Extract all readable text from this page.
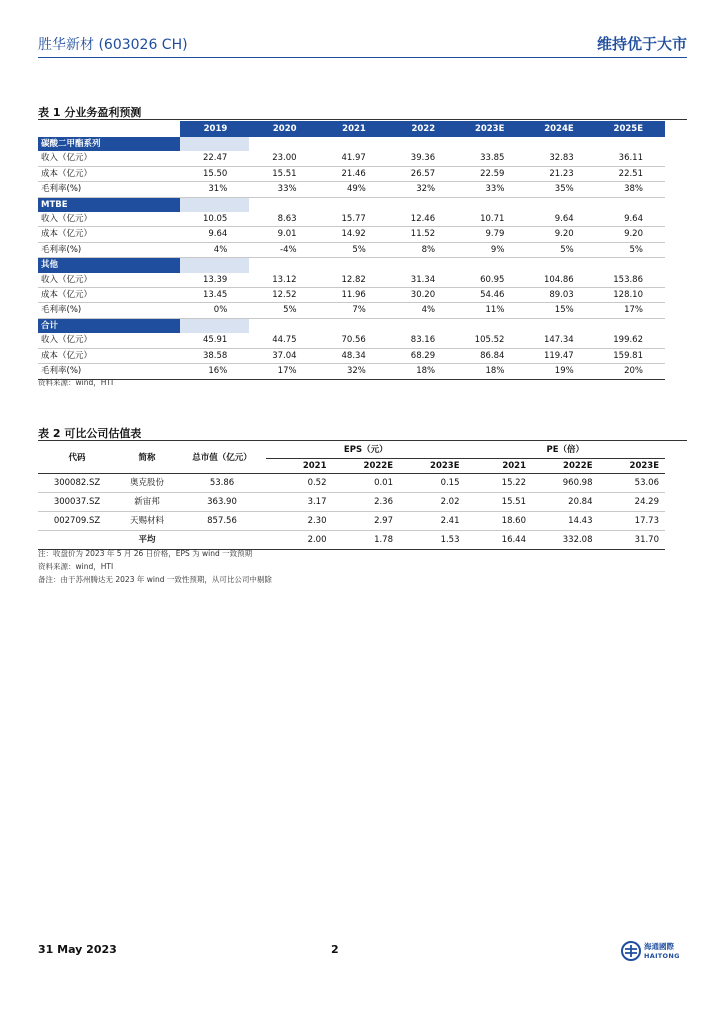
胜华新材 (603026 CH)	维持优于大市
表 1 分业务盈利预测
	2019	2020	2021	2022	2023E	2024E	2025E
碳酸二甲酯系列							
收入（亿元）	22.47	23.00	41.97	39.36	33.85	32.83	36.11
成本（亿元）	15.50	15.51	21.46	26.57	22.59	21.23	22.51
毛利率(%)	31%	33%	49%	32%	33%	35%	38%
MTBE							
收入（亿元）	10.05	8.63	15.77	12.46	10.71	9.64	9.64
成本（亿元）	9.64	9.01	14.92	11.52	9.79	9.20	9.20
毛利率(%)	4%	-4%	5%	8%	9%	5%	5%
其他							
收入（亿元）	13.39	13.12	12.82	31.34	60.95	104.86	153.86
成本（亿元）	13.45	12.52	11.96	30.20	54.46	89.03	128.10
毛利率(%)	0%	5%	7%	4%	11%	15%	17%
合计							
收入（亿元）	45.91	44.75	70.56	83.16	105.52	147.34	199.62
成本（亿元）	38.58	37.04	48.34	68.29	86.84	119.47	159.81
毛利率(%)	16%	17%	32%	18%	18%	19%	20%
资料来源：wind，HTI
表 2 可比公司估值表
代码	简称	总市值（亿元）	EPS（元）			PE（倍）		
			2021	2022E	2023E	2021	2022E	2023E
300082.SZ	奥克股份	53.86	0.52	0.01	0.15	15.22	960.98	53.06
300037.SZ	新宙邦	363.90	3.17	2.36	2.02	15.51	20.84	24.29
002709.SZ	天赐材料	857.56	2.30	2.97	2.41	18.60	14.43	17.73
	平均		2.00	1.78	1.53	16.44	332.08	31.70
注：收盘价为 2023 年 5 月 26 日价格，EPS 为 wind 一致预期
资料来源：wind，HTI
备注：由于苏州腾达无 2023 年 wind 一致性预期，从可比公司中剔除
31 May 2023	2	海通國際
HAITONG
